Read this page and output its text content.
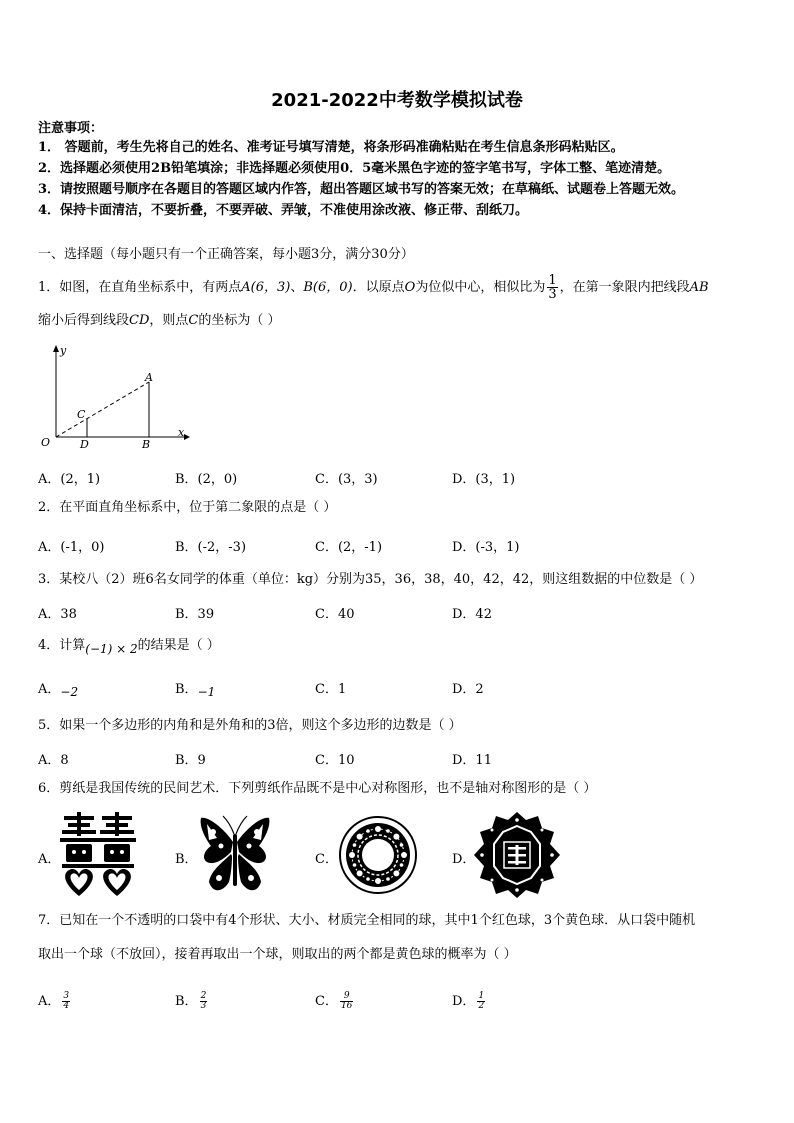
2021-2022中考数学模拟试卷
注意事项：
1． 答题前，考生先将自己的姓名、准考证号填写清楚，将条形码准确粘贴在考生信息条形码粘贴区。
2．选择题必须使用2B铅笔填涂；非选择题必须使用0．5毫米黑色字迹的签字笔书写，字体工整、笔迹清楚。
3．请按照题号顺序在各题目的答题区域内作答，超出答题区域书写的答案无效；在草稿纸、试题卷上答题无效。
4．保持卡面清洁，不要折叠，不要弄破、弄皱，不准使用涂改液、修正带、刮纸刀。
一、选择题（每小题只有一个正确答案，每小题3分，满分30分）
1．如图，在直角坐标系中，有两点A(6，3)、B(6，0)．以原点O为位似中心，相似比为 $\frac{1}{3}$ ，在第一象限内把线段AB
缩小后得到线段CD，则点C的坐标为（ ）
y
x
O
A
B
C
D
A．(2，1)	B．(2，0)	C．(3，3)	D．(3，1)
2．在平面直角坐标系中，位于第二象限的点是（ ）
A．(-1，0)	B．(-2，-3)	C．(2，-1)	D．(-3，1)
3．某校八（2）班6名女同学的体重（单位：kg）分别为35，36，38，40，42，42，则这组数据的中位数是（ ）
A．38	B．39	C．40	D．42
4．计算(−1) × 2的结果是（ ）
A．−2	B．−1	C．1	D．2
5．如果一个多边形的内角和是外角和的3倍，则这个多边形的边数是（ ）
A．8	B．9	C．10	D．11
6．剪纸是我国传统的民间艺术．下列剪纸作品既不是中心对称图形，也不是轴对称图形的是（ ）
A．	B．	C．	D．
7．已知在一个不透明的口袋中有4个形状、大小、材质完全相同的球，其中1个红色球，3个黄色球．从口袋中随机
取出一个球（不放回），接着再取出一个球，则取出的两个都是黄色球的概率为（ ）
A． $\frac{3}{4}$	B． $\frac{2}{3}$	C． $\frac{9}{16}$	D． $\frac{1}{2}$
